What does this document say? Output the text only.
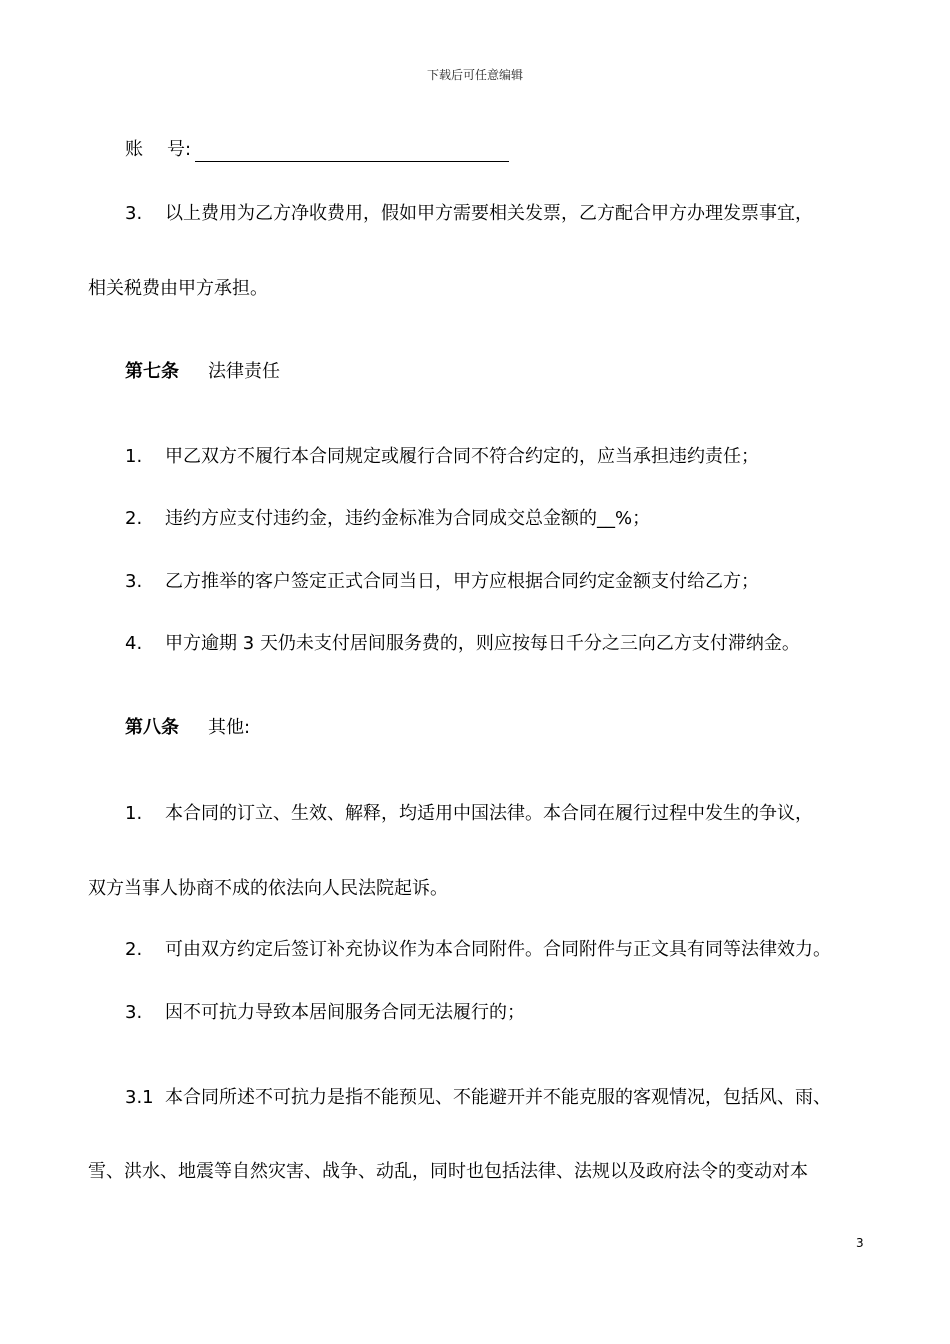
下载后可任意编辑
账 号:
3. 以上费用为乙方净收费用，假如甲方需要相关发票，乙方配合甲方办理发票事宜，
相关税费由甲方承担。
第七条 法律责任
1. 甲乙双方不履行本合同规定或履行合同不符合约定的，应当承担违约责任；
2. 违约方应支付违约金，违约金标准为合同成交总金额的__%；
3. 乙方推举的客户签定正式合同当日，甲方应根据合同约定金额支付给乙方；
4. 甲方逾期 3 天仍未支付居间服务费的，则应按每日千分之三向乙方支付滞纳金。
第八条 其他:
1. 本合同的订立、生效、解释，均适用中国法律。本合同在履行过程中发生的争议，
双方当事人协商不成的依法向人民法院起诉。
2. 可由双方约定后签订补充协议作为本合同附件。合同附件与正文具有同等法律效力。
3. 因不可抗力导致本居间服务合同无法履行的；
3.1 本合同所述不可抗力是指不能预见、不能避开并不能克服的客观情况，包括风、雨、
雪、洪水、地震等自然灾害、战争、动乱，同时也包括法律、法规以及政府法令的变动对本
3
